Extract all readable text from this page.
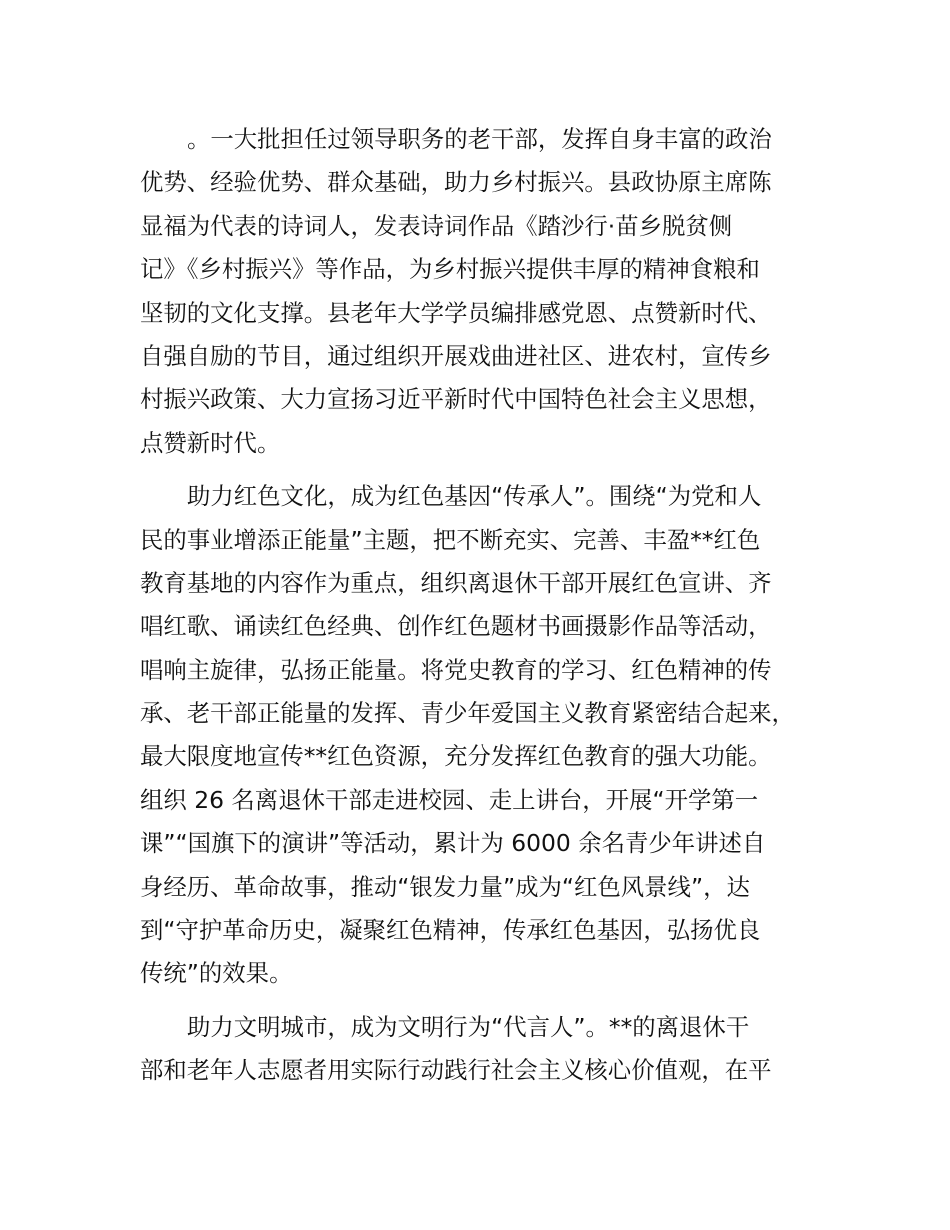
。一大批担任过领导职务的老干部，发挥自身丰富的政治
优势、经验优势、群众基础，助力乡村振兴。县政协原主席陈
显福为代表的诗词人，发表诗词作品《踏沙行·苗乡脱贫侧
记》《乡村振兴》等作品，为乡村振兴提供丰厚的精神食粮和
坚韧的文化支撑。县老年大学学员编排感党恩、点赞新时代、
自强自励的节目，通过组织开展戏曲进社区、进农村，宣传乡
村振兴政策、大力宣扬习近平新时代中国特色社会主义思想，
点赞新时代。
助力红色文化，成为红色基因“传承人”。围绕“为党和人
民的事业增添正能量”主题，把不断充实、完善、丰盈**红色
教育基地的内容作为重点，组织离退休干部开展红色宣讲、齐
唱红歌、诵读红色经典、创作红色题材书画摄影作品等活动，
唱响主旋律，弘扬正能量。将党史教育的学习、红色精神的传
承、老干部正能量的发挥、青少年爱国主义教育紧密结合起来，
最大限度地宣传**红色资源，充分发挥红色教育的强大功能。
组织 26 名离退休干部走进校园、走上讲台，开展“开学第一
课”“国旗下的演讲”等活动，累计为 6000 余名青少年讲述自
身经历、革命故事，推动“银发力量”成为“红色风景线”，达
到“守护革命历史，凝聚红色精神，传承红色基因，弘扬优良
传统”的效果。
助力文明城市，成为文明行为“代言人”。**的离退休干
部和老年人志愿者用实际行动践行社会主义核心价值观，在平
